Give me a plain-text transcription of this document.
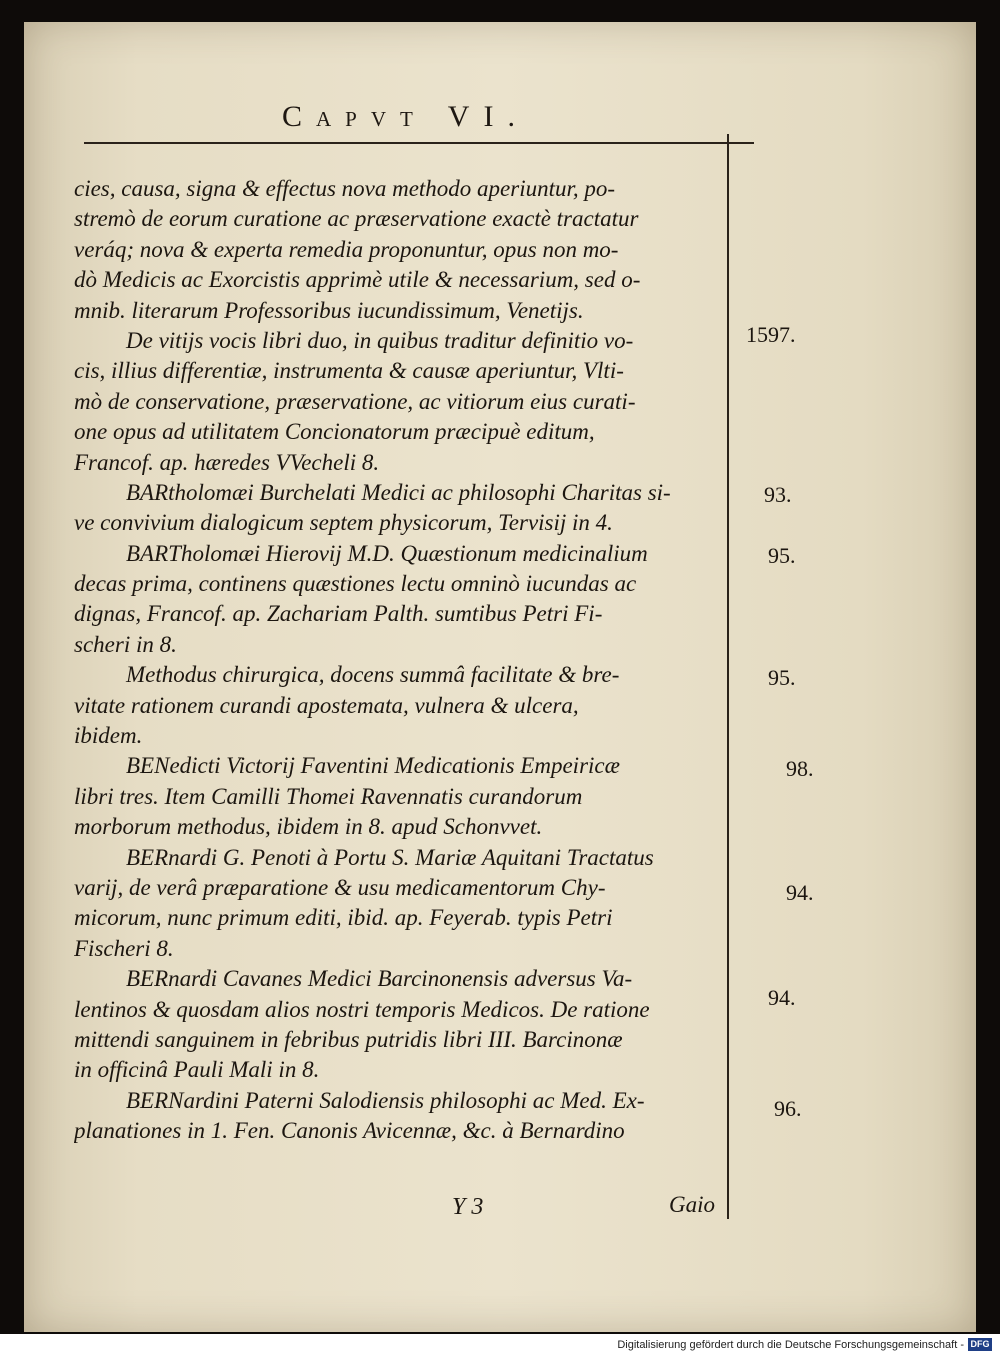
Capvt VI.
cies, causa, signa & effectus nova methodo aperiuntur, po-
stremò de eorum curatione ac præservatione exactè tractatur
veráq; nova & experta remedia proponuntur, opus non mo-
dò Medicis ac Exorcistis apprimè utile & necessarium, sed o-
mnib. literarum Professoribus iucundissimum, Venetijs.
De vitijs vocis libri duo, in quibus traditur definitio vo-
cis, illius differentiæ, instrumenta & causæ aperiuntur, Vlti-
mò de conservatione, præservatione, ac vitiorum eius curati-
one opus ad utilitatem Concionatorum præcipuè editum,
Francof. ap. hæredes VVecheli 8.
BARtholomæi Burchelati Medici ac philosophi Charitas si-
ve convivium dialogicum septem physicorum, Tervisij in 4.
BARTholomæi Hierovij M.D. Quæstionum medicinalium
decas prima, continens quæstiones lectu omninò iucundas ac
dignas, Francof. ap. Zachariam Palth. sumtibus Petri Fi-
scheri in 8.
Methodus chirurgica, docens summâ facilitate & bre-
vitate rationem curandi apostemata, vulnera & ulcera,
ibidem.
BENedicti Victorij Faventini Medicationis Empeiricæ
libri tres. Item Camilli Thomei Ravennatis curandorum
morborum methodus, ibidem in 8. apud Schonvvet.
BERnardi G. Penoti à Portu S. Mariæ Aquitani Tractatus
varij, de verâ præparatione & usu medicamentorum Chy-
micorum, nunc primum editi, ibid. ap. Feyerab. typis Petri
Fischeri 8.
BERnardi Cavanes Medici Barcinonensis adversus Va-
lentinos & quosdam alios nostri temporis Medicos. De ratione
mittendi sanguinem in febribus putridis libri III. Barcinonæ
in officinâ Pauli Mali in 8.
BERNardini Paterni Salodiensis philosophi ac Med. Ex-
planationes in 1. Fen. Canonis Avicennæ, &c. à Bernardino
1597.
93.
95.
95.
98.
94.
94.
96.
Y 3	Gaio
Digitalisierung gefördert durch die Deutsche Forschungsgemeinschaft - DFG
